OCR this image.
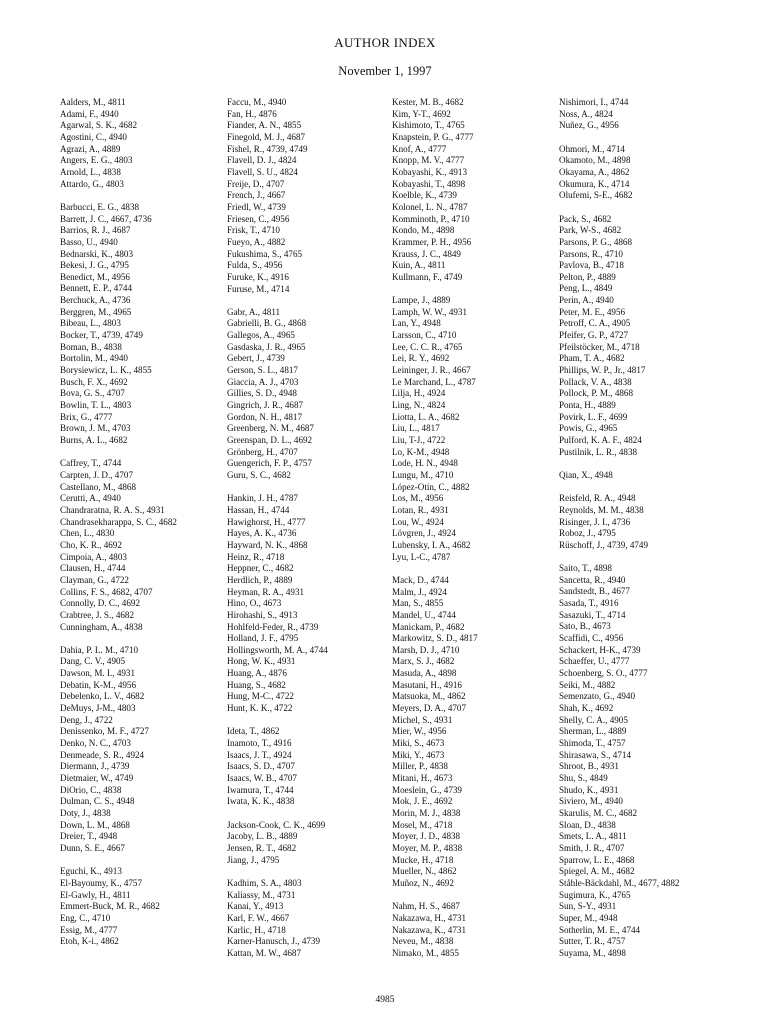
AUTHOR INDEX
November 1, 1997
Aalders, M., 4811
Adami, F., 4940
Agarwal, S. K., 4682
Agostini, C., 4940
Agrazi, A., 4889
Angers, E. G., 4803
Arnold, L., 4838
Attardo, G., 4803
Barbucci, E. G., 4838
Barrett, J. C., 4667, 4736
Barrios, R. J., 4687
Basso, U., 4940
Bednarski, K., 4803
Bekesi, J. G., 4795
Benedict, M., 4956
Bennett, E. P., 4744
Berchuck, A., 4736
Berggren, M., 4965
Bibeau, L., 4803
Bocker, T., 4739, 4749
Boman, B., 4838
Bortolin, M., 4940
Borysiewicz, L. K., 4855
Busch, F. X., 4692
Bova, G. S., 4707
Bowlin, T. L., 4803
Brix, G., 4777
Brown, J. M., 4703
Burns, A. L., 4682
Caffrey, T., 4744
Carpten, J. D., 4707
Castellano, M., 4868
Cerutti, A., 4940
Chandraratna, R. A. S., 4931
Chandrasekharappa, S. C., 4682
Chen, L., 4830
Cho, K. R., 4692
Cimpoia, A., 4803
Clausen, H., 4744
Clayman, G., 4722
Collins, F. S., 4682, 4707
Connolly, D. C., 4692
Crabtree, J. S., 4682
Cunningham, A., 4838
Dahia, P. L. M., 4710
Dang, C. V., 4905
Dawson, M. I., 4931
Debatin, K-M., 4956
Debelenko, L. V., 4682
DeMuys, J-M., 4803
Deng, J., 4722
Denissenko, M. F., 4727
Denko, N. C., 4703
Denmeade, S. R., 4924
Diermann, J., 4739
Dietmaier, W., 4749
DiOrio, C., 4838
Dulman, C. S., 4948
Doty, J., 4838
Down, L. M., 4868
Dreier, T., 4948
Dunn, S. E., 4667
Eguchi, K., 4913
El-Bayoumy, K., 4757
El-Gawly, H., 4811
Emmert-Buck, M. R., 4682
Eng, C., 4710
Essig, M., 4777
Etoh, K-i., 4862
Faccu, M., 4940
Fan, H., 4876
Fiander, A. N., 4855
Finegold, M. J., 4687
Fishel, R., 4739, 4749
Flavell, D. J., 4824
Flavell, S. U., 4824
Freije, D., 4707
French, J., 4667
Friedl, W., 4739
Friesen, C., 4956
Frisk, T., 4710
Fueyo, A., 4882
Fukushima, S., 4765
Fulda, S., 4956
Furuke, K., 4916
Furuse, M., 4714
Gabr, A., 4811
Gabrielli, B. G., 4868
Gallegos, A., 4965
Gasdaska, J. R., 4965
Gebert, J., 4739
Gerson, S. L., 4817
Giaccia, A. J., 4703
Gillies, S. D., 4948
Gingrich, J. R., 4687
Gordon, N. H., 4817
Greenberg, N. M., 4687
Greenspan, D. L., 4692
Grönberg, H., 4707
Guengerich, F. P., 4757
Guru, S. C., 4682
Hankin, J. H., 4787
Hassan, H., 4744
Hawighorst, H., 4777
Hayes, A. K., 4736
Hayward, N. K., 4868
Heinz, R., 4718
Heppner, C., 4682
Herdlich, P., 4889
Heyman, R. A., 4931
Hino, O., 4673
Hirohashi, S., 4913
Hohlfeld-Feder, R., 4739
Holland, J. F., 4795
Hollingsworth, M. A., 4744
Hong, W. K., 4931
Huang, A., 4876
Huang, S., 4682
Hung, M-C., 4722
Hunt, K. K., 4722
Ideta, T., 4862
Inamoto, T., 4916
Isaacs, J. T., 4924
Isaacs, S. D., 4707
Isaacs, W. B., 4707
Iwamura, T., 4744
Iwata, K. K., 4838
Jackson-Cook, C. K., 4699
Jacoby, L. B., 4889
Jensen, R. T., 4682
Jiang, J., 4795
Kadhim, S. A., 4803
Kaliassy, M., 4731
Kanai, Y., 4913
Karl, F. W., 4667
Karlic, H., 4718
Karner-Hanusch, J., 4739
Kattan, M. W., 4687
Kester, M. B., 4682
Kim, Y-T., 4692
Kishimoto, T., 4765
Knapstein, P. G., 4777
Knof, A., 4777
Knopp, M. V., 4777
Kobayashi, K., 4913
Kobayashi, T., 4898
Koelble, K., 4739
Kolonel, L. N., 4787
Komminoth, P., 4710
Kondo, M., 4898
Krammer, P. H., 4956
Krauss, J. C., 4849
Kuin, A., 4811
Kullmann, F., 4749
Lampe, J., 4889
Lamph, W. W., 4931
Lan, Y., 4948
Larsson, C., 4710
Lee, C. C. R., 4765
Lei, R. Y., 4692
Leininger, J. R., 4667
Le Marchand, L., 4787
Lilja, H., 4924
Ling, N., 4824
Liotta, L. A., 4682
Liu, L., 4817
Liu, T-J., 4722
Lo, K-M., 4948
Lode, H. N., 4948
Lungu, M., 4710
López-Otín, C., 4882
Los, M., 4956
Lotan, R., 4931
Lou, W., 4924
Lövgren, J., 4924
Lubensky, I. A., 4682
Lyu, L-C., 4787
Mack, D., 4744
Malm, J., 4924
Man, S., 4855
Mandel, U., 4744
Manickam, P., 4682
Markowitz, S. D., 4817
Marsh, D. J., 4710
Marx, S. J., 4682
Masuda, A., 4898
Masutani, H., 4916
Matsuoka, M., 4862
Meyers, D. A., 4707
Michel, S., 4931
Mier, W., 4956
Miki, S., 4673
Miki, Y., 4673
Miller, P., 4838
Mitani, H., 4673
Moeslein, G., 4739
Mok, J. E., 4692
Morin, M. J., 4838
Mosel, M., 4718
Moyer, J. D., 4838
Moyer, M. P., 4838
Mucke, H., 4718
Mueller, N., 4862
Muñoz, N., 4692
Nahm, H. S., 4687
Nakazawa, H., 4731
Nakazawa, K., 4731
Neveu, M., 4838
Nimako, M., 4855
Nishimori, I., 4744
Noss, A., 4824
Nuñez, G., 4956
Ohmori, M., 4714
Okamoto, M., 4898
Okayama, A., 4862
Okumura, K., 4714
Olufemi, S-E., 4682
Pack, S., 4682
Park, W-S., 4682
Parsons, P. G., 4868
Parsons, R., 4710
Pavlova, B., 4718
Pelton, P., 4889
Peng, L., 4849
Perin, A., 4940
Peter, M. E., 4956
Petroff, C. A., 4905
Pfeifer, G. P., 4727
Pfeilstöcker, M., 4718
Pham, T. A., 4682
Phillips, W. P., Jr., 4817
Pollack, V. A., 4838
Pollock, P. M., 4868
Ponta, H., 4889
Povirk, L. F., 4699
Powis, G., 4965
Pulford, K. A. F., 4824
Pustilnik, L. R., 4838
Qian, X., 4948
Reisfeld, R. A., 4948
Reynolds, M. M., 4838
Risinger, J. I., 4736
Roboz, J., 4795
Rüschoff, J., 4739, 4749
Saito, T., 4898
Sancetta, R., 4940
Sandstedt, B., 4677
Sasada, T., 4916
Sasazuki, T., 4714
Sato, B., 4673
Scaffidi, C., 4956
Schackert, H-K., 4739
Schaeffer, U., 4777
Schoenberg, S. O., 4777
Seiki, M., 4882
Semenzato, G., 4940
Shah, K., 4692
Shelly, C. A., 4905
Sherman, L., 4889
Shimoda, T., 4757
Shirasawa, S., 4714
Shroot, B., 4931
Shu, S., 4849
Shudo, K., 4931
Siviero, M., 4940
Skarulis, M. C., 4682
Sloan, D., 4838
Smets, L. A., 4811
Smith, J. R., 4707
Sparrow, L. E., 4868
Spiegel, A. M., 4682
Ståhle-Bäckdahl, M., 4677, 4882
Sugimura, K., 4765
Sun, S-Y., 4931
Super, M., 4948
Sotherlin, M. E., 4744
Sutter, T. R., 4757
Suyama, M., 4898
4985
